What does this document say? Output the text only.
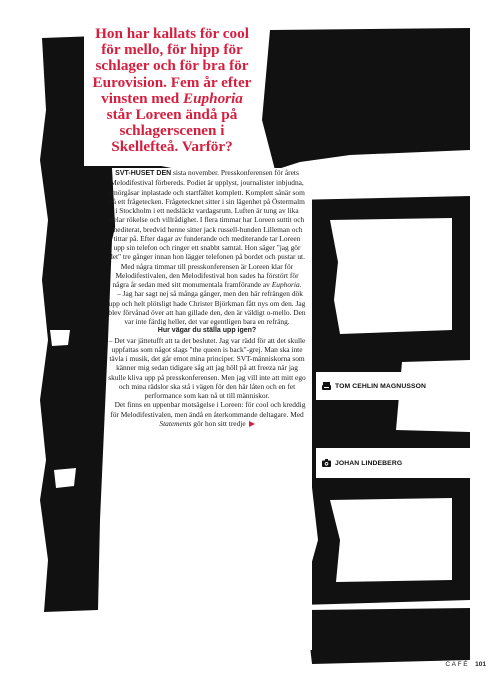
Hon har kallats för cool för mello, för hipp för schlager och för bra för Eurovision. Fem år efter vinsten med Euphoria står Loreen ändå på schlagerscenen i Skellefteå. Varför?

SVT-HUSET DEN sista november. Presskonferensen för årets Melodifestival förbereds. Podiet är upplyst, journalister inbjudna, smörgåsar inplastade och startfältet komplett. Komplett sånär som på ett frågetecken. Frågetecknet sitter i sin lägenhet på Östermalm i Stockholm i ett nedsläckt vardagsrum. Luften är tung av lika delar rökelse och villrådighet. I flera timmar har Loreen suttit och mediterat, bredvid henne sitter jack russell-hunden Lilleman och tittar på. Efter dagar av funderande och mediterande tar Loreen upp sin telefon och ringer ett snabbt samtal. Hon säger "jag gör det" tre gånger innan hon lägger telefonen på bordet och pustar ut. Med några timmar till presskonferensen är Loreen klar för Melodifestivalen, den Melodifestival hon sades ha förstört för några år sedan med sitt monumentala framförande av Euphoria.

– Jag har sagt nej så många gånger, men den här refrängen dök upp och helt plötsligt hade Christer Björkman fått nys om den. Jag blev förvånad över att han gillade den, den är väldigt o-mello. Den var inte färdig heller, det var egentligen bara en refräng.

Hur vägar du ställa upp igen?

– Det var jättetufft att ta det beslutet. Jag var rädd för att det skulle uppfattas som något slags "the queen is back"-grej. Man ska inte tävla i musik, det går emot mina principer. SVT-människorna som känner mig sedan tidigare såg att jag höll på att freeza när jag skulle kliva upp på presskonferensen. Men jag vill inte att mitt ego och mina rädslor ska stå i vägen för den här låten och en fet performance som kan nå ut till människor.

Det finns en uppenbar motsägelse i Loreen: för cool och kreddig för Melodifestivalen, men ändå en återkommande deltagare. Med Statements gör hon sitt tredje

TOM CEHLIN MAGNUSSON
JOHAN LINDEBERG
CAFÉ 101
